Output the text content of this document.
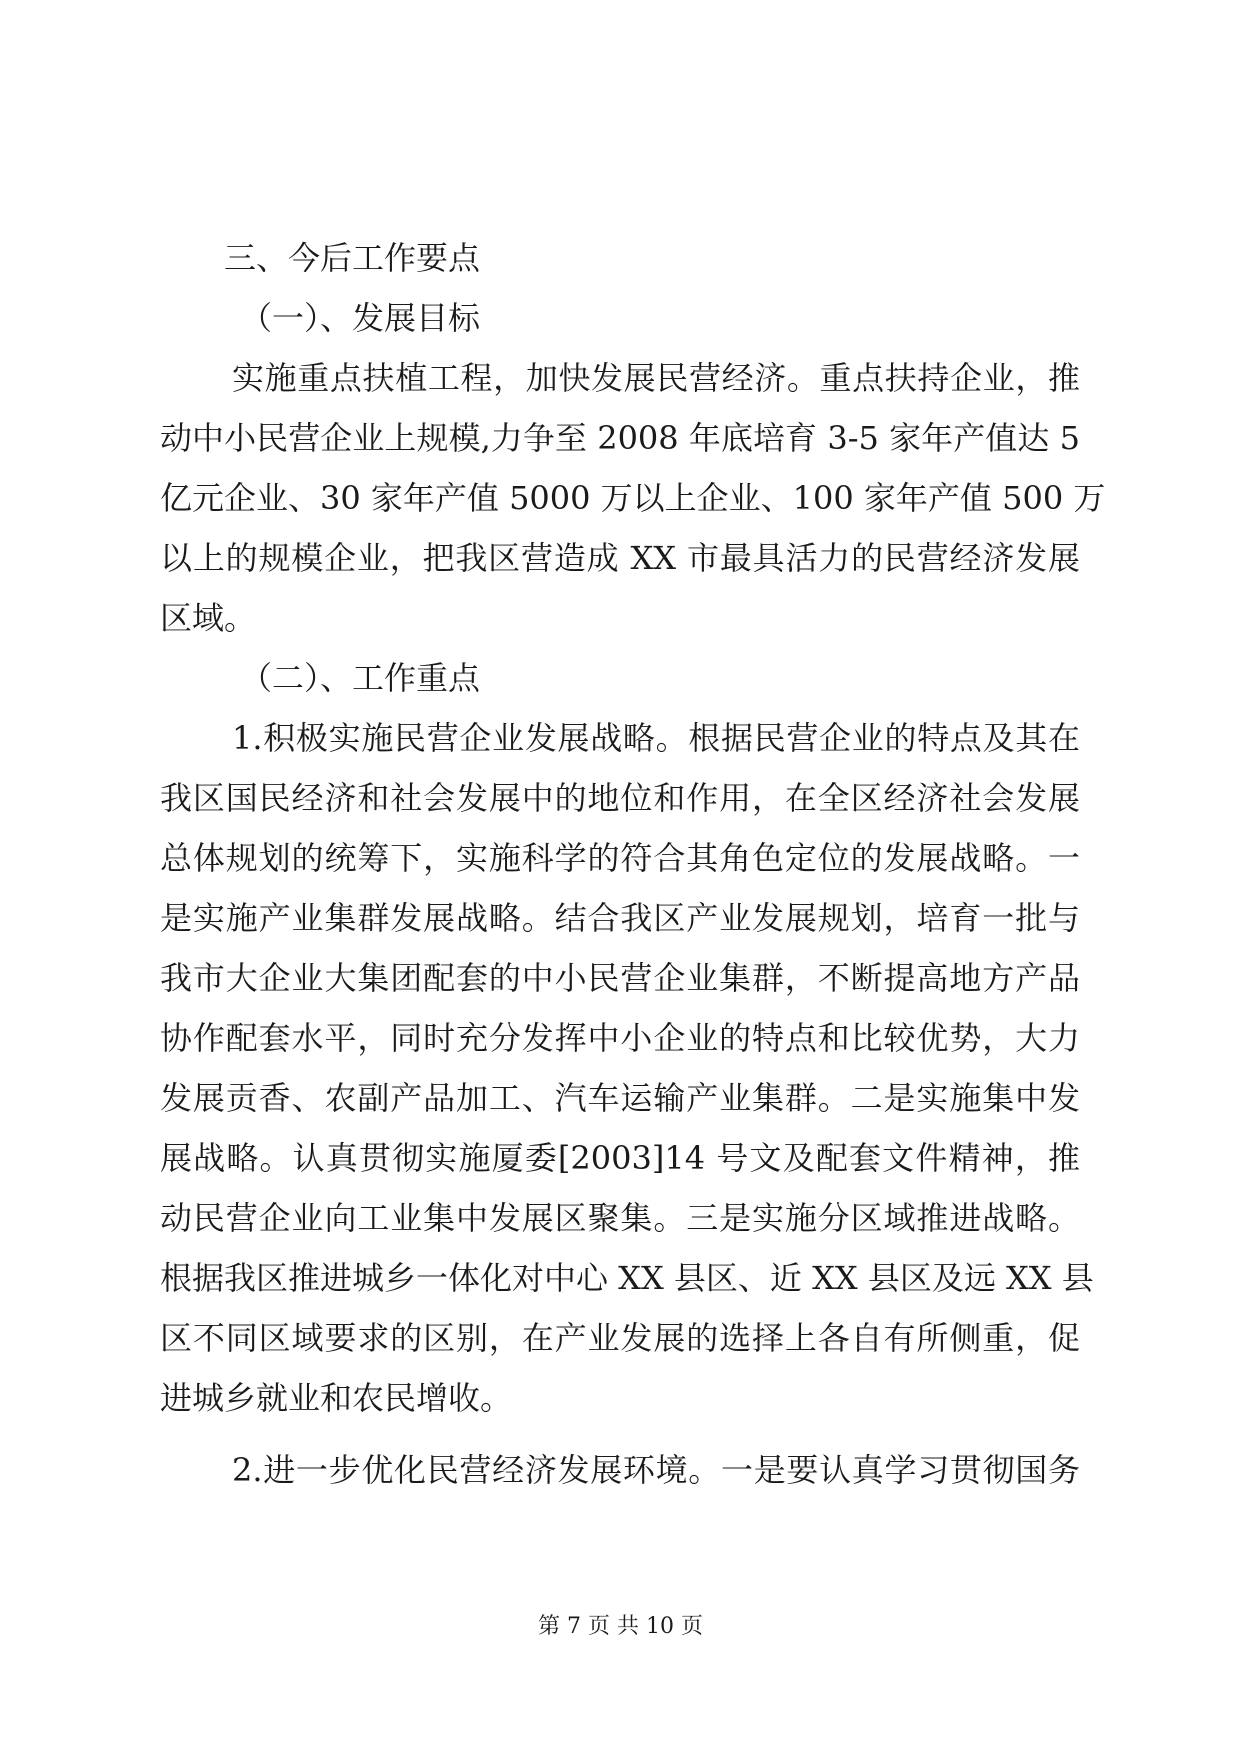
三、今后工作要点
（一）、发展目标
实施重点扶植工程，加快发展民营经济。重点扶持企业，推
动中小民营企业上规模,力争至 2008 年底培育 3-5 家年产值达 5
亿元企业、30 家年产值 5000 万以上企业、100 家年产值 500 万
以上的规模企业，把我区营造成 XX 市最具活力的民营经济发展
区域。
（二）、工作重点
1.积极实施民营企业发展战略。根据民营企业的特点及其在
我区国民经济和社会发展中的地位和作用，在全区经济社会发展
总体规划的统筹下，实施科学的符合其角色定位的发展战略。一
是实施产业集群发展战略。结合我区产业发展规划，培育一批与
我市大企业大集团配套的中小民营企业集群，不断提高地方产品
协作配套水平，同时充分发挥中小企业的特点和比较优势，大力
发展贡香、农副产品加工、汽车运输产业集群。二是实施集中发
展战略。认真贯彻实施厦委[2003]14 号文及配套文件精神，推
动民营企业向工业集中发展区聚集。三是实施分区域推进战略。
根据我区推进城乡一体化对中心 XX 县区、近 XX 县区及远 XX 县
区不同区域要求的区别，在产业发展的选择上各自有所侧重，促
进城乡就业和农民增收。
2.进一步优化民营经济发展环境。一是要认真学习贯彻国务
第 7 页 共 10 页
